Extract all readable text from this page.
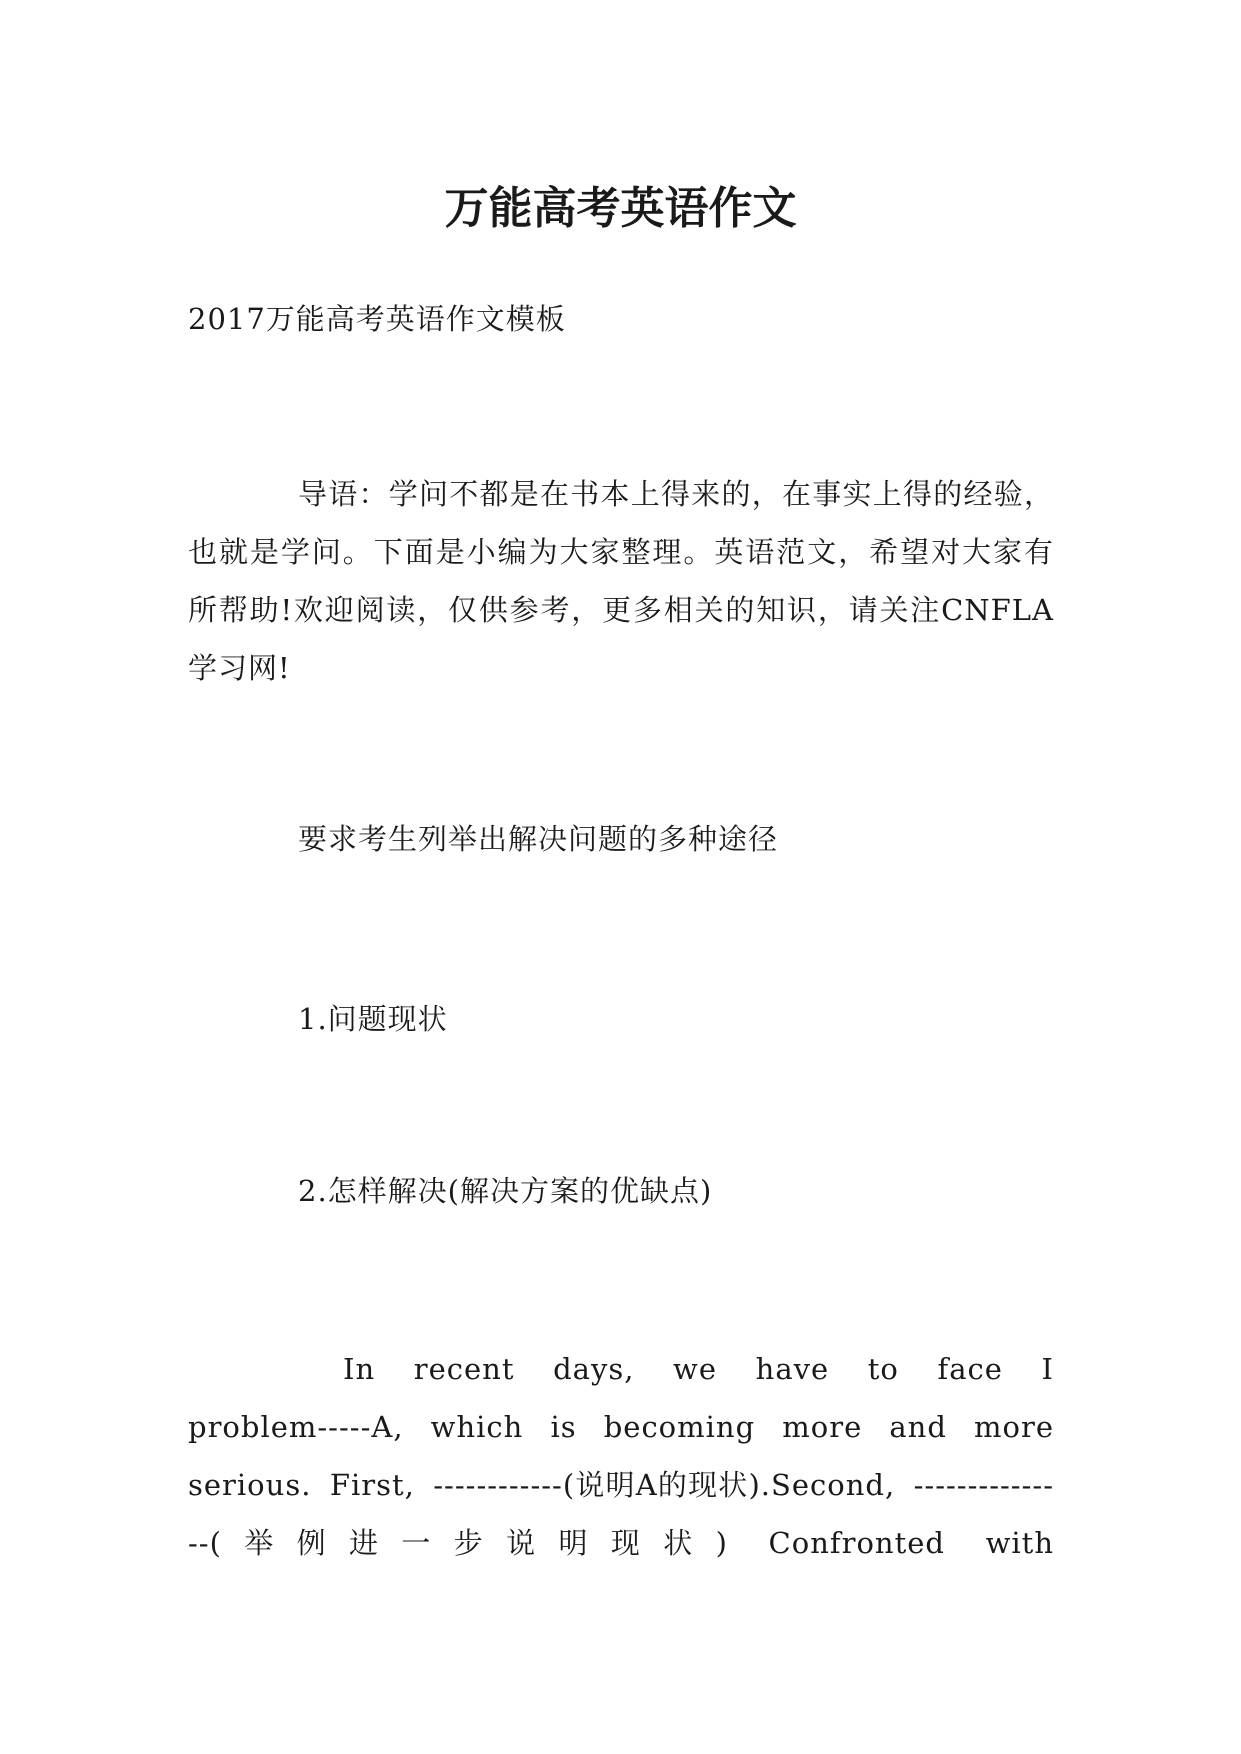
万能高考英语作文

2017万能高考英语作文模板

导语：学问不都是在书本上得来的，在事实上得的经验，也就是学问。下面是小编为大家整理。英语范文，希望对大家有所帮助!欢迎阅读，仅供参考，更多相关的知识，请关注CNFLA学习网!

要求考生列举出解决问题的多种途径

1.问题现状

2.怎样解决(解决方案的优缺点)

In recent days, we have to face I problem-----A, which is becoming more and more serious. First, ------------(说明A的现状).Second, ---------------(举例进一步说明现状) Confronted with
